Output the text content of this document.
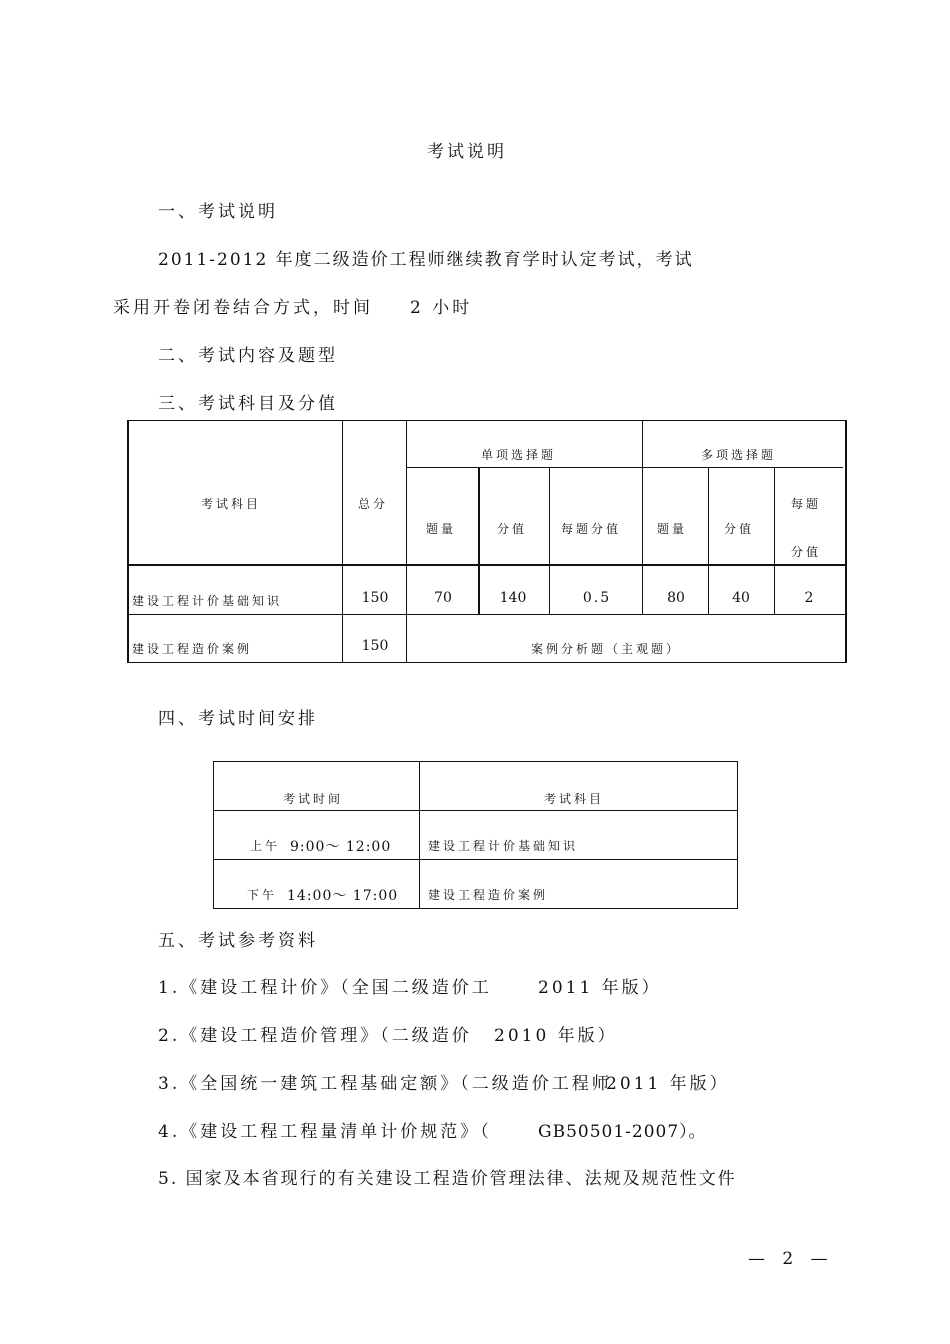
考试说明
一、考试说明
2011-2012 年度二级造价工程师继续教育学时认定考试，考试
采用开卷闭卷结合方式，时间 2 小时
二、考试内容及题型
三、考试科目及分值
考试科目	总分
单项选择题	多项选择题
题量	分值	每题分值	题量	分值
每题
分值
建设工程计价基础知识	150	70	140	0.5	80	40	2
建设工程造价案例	150	案例分析题（主观题）
四、考试时间安排
考试时间	考试科目
上午 9:00～ 12:00	建设工程计价基础知识
下午 14:00～ 17:00 建设工程造价案例
五、考试参考资料
1.《建设工程计价》（全国二级造价工	2011 年版）
2.《建设工程造价管理》（二级造价 2010 年版）
3.《全国统一建筑工程基础定额》（二级造价工程师
2011 年版）
4.《建设工程工程量清单计价规范》（	GB50501-2007）。
5. 国家及本省现行的有关建设工程造价管理法律、法规及规范性文件
— 2 —
